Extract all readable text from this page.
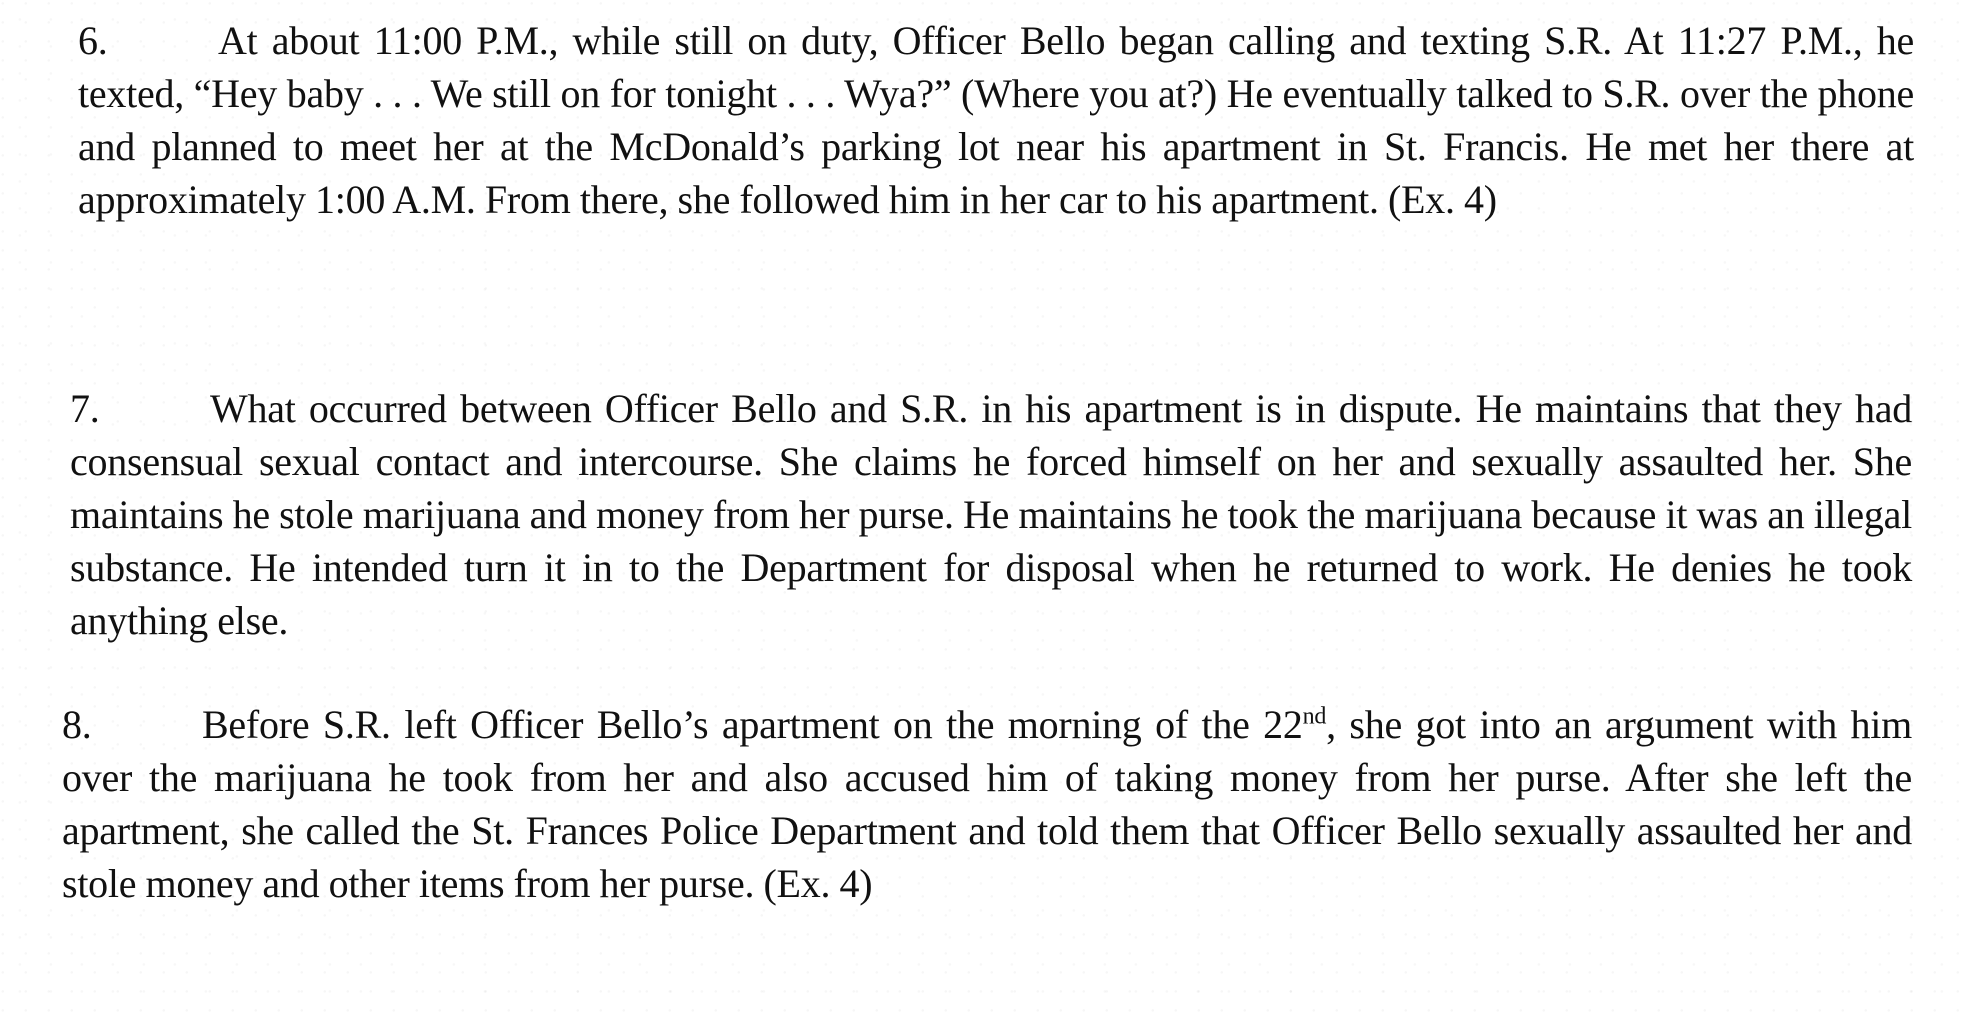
6.	At about 11:00 P.M., while still on duty, Officer Bello began calling and texting S.R. At 11:27 P.M., he texted, “Hey baby . . . We still on for tonight . . . Wya?” (Where you at?) He eventually talked to S.R. over the phone and planned to meet her at the McDonald’s parking lot near his apartment in St. Francis. He met her there at approximately 1:00 A.M. From there, she followed him in her car to his apartment. (Ex. 4)

7.	What occurred between Officer Bello and S.R. in his apartment is in dispute. He maintains that they had consensual sexual contact and intercourse. She claims he forced himself on her and sexually assaulted her. She maintains he stole marijuana and money from her purse. He maintains he took the marijuana because it was an illegal substance. He intended turn it in to the Department for disposal when he returned to work. He denies he took anything else.

8.	Before S.R. left Officer Bello’s apartment on the morning of the 22nd, she got into an argument with him over the marijuana he took from her and also accused him of taking money from her purse. After she left the apartment, she called the St. Frances Police Department and told them that Officer Bello sexually assaulted her and stole money and other items from her purse. (Ex. 4)
